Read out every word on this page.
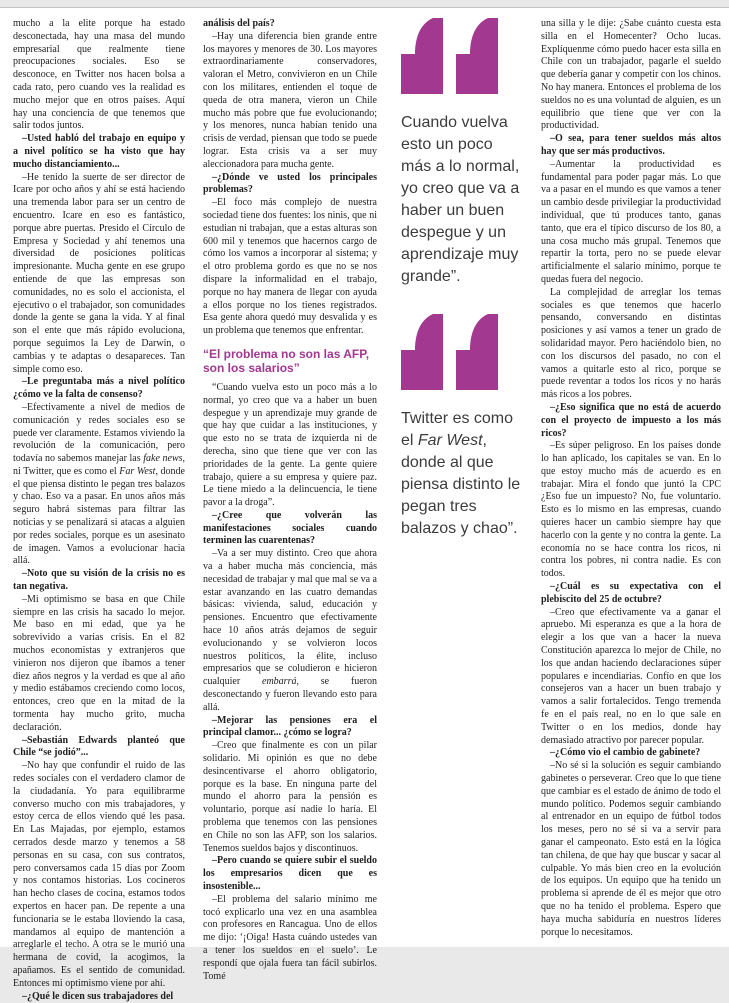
mucho a la elite porque ha estado desconectada, hay una masa del mundo empresarial que realmente tiene preocupaciones sociales. Eso se desconoce, en Twitter nos hacen bolsa a cada rato, pero cuando ves la realidad es mucho mejor que en otros países. Aquí hay una conciencia de que tenemos que salir todos juntos.

–Usted habló del trabajo en equipo y a nivel político se ha visto que hay mucho distanciamiento...

–He tenido la suerte de ser director de Icare por ocho años y ahí se está haciendo una tremenda labor para ser un centro de encuentro. Icare en eso es fantástico, porque abre puertas. Presido el Círculo de Empresa y Sociedad y ahí tenemos una diversidad de posiciones políticas impresionante. Mucha gente en ese grupo entiende de que las empresas son comunidades, no es solo el accionista, el ejecutivo o el trabajador, son comunidades donde la gente se gana la vida. Y al final son el ente que más rápido evoluciona, porque seguimos la Ley de Darwin, o cambias y te adaptas o desapareces. Tan simple como eso.

–Le preguntaba más a nivel político ¿cómo ve la falta de consenso?

–Efectivamente a nivel de medios de comunicación y redes sociales eso se puede ver claramente. Estamos viviendo la revolución de la comunicación, pero todavía no sabemos manejar las fake news, ni Twitter, que es como el Far West, donde el que piensa distinto le pegan tres balazos y chao. Eso va a pasar. En unos años más seguro habrá sistemas para filtrar las noticias y se penalizará si atacas a alguien por redes sociales, porque es un asesinato de imagen. Vamos a evolucionar hacia allá.

–Noto que su visión de la crisis no es tan negativa.

–Mi optimismo se basa en que Chile siempre en las crisis ha sacado lo mejor. Me baso en mi edad, que ya he sobrevivido a varias crisis. En el 82 muchos economistas y extranjeros que vinieron nos dijeron que íbamos a tener diez años negros y la verdad es que al año y medio estábamos creciendo como locos, entonces, creo que en la mitad de la tormenta hay mucho grito, mucha declaración.

–Sebastián Edwards planteó que Chile “se jodió”...

–No hay que confundir el ruido de las redes sociales con el verdadero clamor de la ciudadanía. Yo para equilibrarme converso mucho con mis trabajadores, y estoy cerca de ellos viendo qué les pasa. En Las Majadas, por ejemplo, estamos cerrados desde marzo y tenemos a 58 personas en su casa, con sus contratos, pero conversamos cada 15 días por Zoom y nos contamos historias. Los cocineros han hecho clases de cocina, estamos todos expertos en hacer pan. De repente a una funcionaria se le estaba lloviendo la casa, mandamos al equipo de mantención a arreglarle el techo. A otra se le murió una hermana de covid, la acogimos, la apañamos. Es el sentido de comunidad. Entonces mi optimismo viene por ahí.

–¿Qué le dicen sus trabajadores del

análisis del país?

–Hay una diferencia bien grande entre los mayores y menores de 30. Los mayores extraordinariamente conservadores, valoran el Metro, convivieron en un Chile con los militares, entienden el toque de queda de otra manera, vieron un Chile mucho más pobre que fue evolucionando; y los menores, nunca habían tenido una crisis de verdad, piensan que todo se puede lograr. Esta crisis va a ser muy aleccionadora para mucha gente.

–¿Dónde ve usted los principales problemas?

–El foco más complejo de nuestra sociedad tiene dos fuentes: los ninis, que ni estudian ni trabajan, que a estas alturas son 600 mil y tenemos que hacernos cargo de cómo los vamos a incorporar al sistema; y el otro problema gordo es que no se nos dispare la informalidad en el trabajo, porque no hay manera de llegar con ayuda a ellos porque no los tienes registrados. Esa gente ahora quedó muy desvalida y es un problema que tenemos que enfrentar.

“El problema no son las AFP, son los salarios”

“Cuando vuelva esto un poco más a lo normal, yo creo que va a haber un buen despegue y un aprendizaje muy grande de que hay que cuidar a las instituciones, y que esto no se trata de izquierda ni de derecha, sino que tiene que ver con las prioridades de la gente. La gente quiere trabajo, quiere a su empresa y quiere paz. Le tiene miedo a la delincuencia, le tiene pavor a la droga”.

–¿Cree que volverán las manifestaciones sociales cuando terminen las cuarentenas?

–Va a ser muy distinto. Creo que ahora va a haber mucha más conciencia, más necesidad de trabajar y mal que mal se va a estar avanzando en las cuatro demandas básicas: vivienda, salud, educación y pensiones. Encuentro que efectivamente hace 10 años atrás dejamos de seguir evolucionando y se volvieron locos nuestros políticos, la élite, incluso empresarios que se coludieron e hicieron cualquier embarrá, se fueron desconectando y fueron llevando esto para allá.

–Mejorar las pensiones era el principal clamor... ¿cómo se logra?

–Creo que finalmente es con un pilar solidario. Mi opinión es que no debe desincentivarse el ahorro obligatorio, porque es la base. En ninguna parte del mundo el ahorro para la pensión es voluntario, porque así nadie lo haría. El problema que tenemos con las pensiones en Chile no son las AFP, son los salarios. Tenemos sueldos bajos y discontinuos.

–Pero cuando se quiere subir el sueldo los empresarios dicen que es insostenible...

–El problema del salario mínimo me tocó explicarlo una vez en una asamblea con profesores en Rancagua. Uno de ellos me dijo: ‘¡Oiga! Hasta cuándo ustedes van a tener los sueldos en el suelo’. Le respondí que ojala fuera tan fácil subirlos. Tomé

Cuando vuelva esto un poco más a lo normal, yo creo que va a haber un buen despegue y un aprendizaje muy grande”.

Twitter es como el Far West, donde al que piensa distinto le pegan tres balazos y chao”.

una silla y le dije: ¿Sabe cuánto cuesta esta silla en el Homecenter? Ocho lucas. Explíquenme cómo puedo hacer esta silla en Chile con un trabajador, pagarle el sueldo que debería ganar y competir con los chinos. No hay manera. Entonces el problema de los sueldos no es una voluntad de alguien, es un equilibrio que tiene que ver con la productividad.

–O sea, para tener sueldos más altos hay que ser más productivos.

–Aumentar la productividad es fundamental para poder pagar más. Lo que va a pasar en el mundo es que vamos a tener un cambio desde privilegiar la productividad individual, que tú produces tanto, ganas tanto, que era el típico discurso de los 80, a una cosa mucho más grupal. Tenemos que repartir la torta, pero no se puede elevar artificialmente el salario mínimo, porque te quedas fuera del negocio.

La complejidad de arreglar los temas sociales es que tenemos que hacerlo pensando, conversando en distintas posiciones y así vamos a tener un grado de solidaridad mayor. Pero haciéndolo bien, no con los discursos del pasado, no con el vamos a quitarle esto al rico, porque se puede reventar a todos los ricos y no harás más ricos a los pobres.

–¿Eso significa que no está de acuerdo con el proyecto de impuesto a los más ricos?

–Es súper peligroso. En los países donde lo han aplicado, los capitales se van. En lo que estoy mucho más de acuerdo es en trabajar. Mira el fondo que juntó la CPC ¿Eso fue un impuesto? No, fue voluntario. Esto es lo mismo en las empresas, cuando quieres hacer un cambio siempre hay que hacerlo con la gente y no contra la gente. La economía no se hace contra los ricos, ni contra los pobres, ni contra nadie. Es con todos.

–¿Cuál es su expectativa con el plebiscito del 25 de octubre?

–Creo que efectivamente va a ganar el apruebo. Mi esperanza es que a la hora de elegir a los que van a hacer la nueva Constitución aparezca lo mejor de Chile, no los que andan haciendo declaraciones súper populares e incendiarias. Confío en que los consejeros van a hacer un buen trabajo y vamos a salir fortalecidos. Tengo tremenda fe en el país real, no en lo que sale en Twitter o en los medios, donde hay demasiado atractivo por parecer popular.

–¿Cómo vio el cambio de gabinete?

–No sé si la solución es seguir cambiando gabinetes o perseverar. Creo que lo que tiene que cambiar es el estado de ánimo de todo el mundo político. Podemos seguir cambiando al entrenador en un equipo de fútbol todos los meses, pero no sé si va a servir para ganar el campeonato. Esto está en la lógica tan chilena, de que hay que buscar y sacar al culpable. Yo más bien creo en la evolución de los equipos. Un equipo que ha tenido un problema si aprende de él es mejor que otro que no ha tenido el problema. Espero que haya mucha sabiduría en nuestros líderes porque lo necesitamos.
